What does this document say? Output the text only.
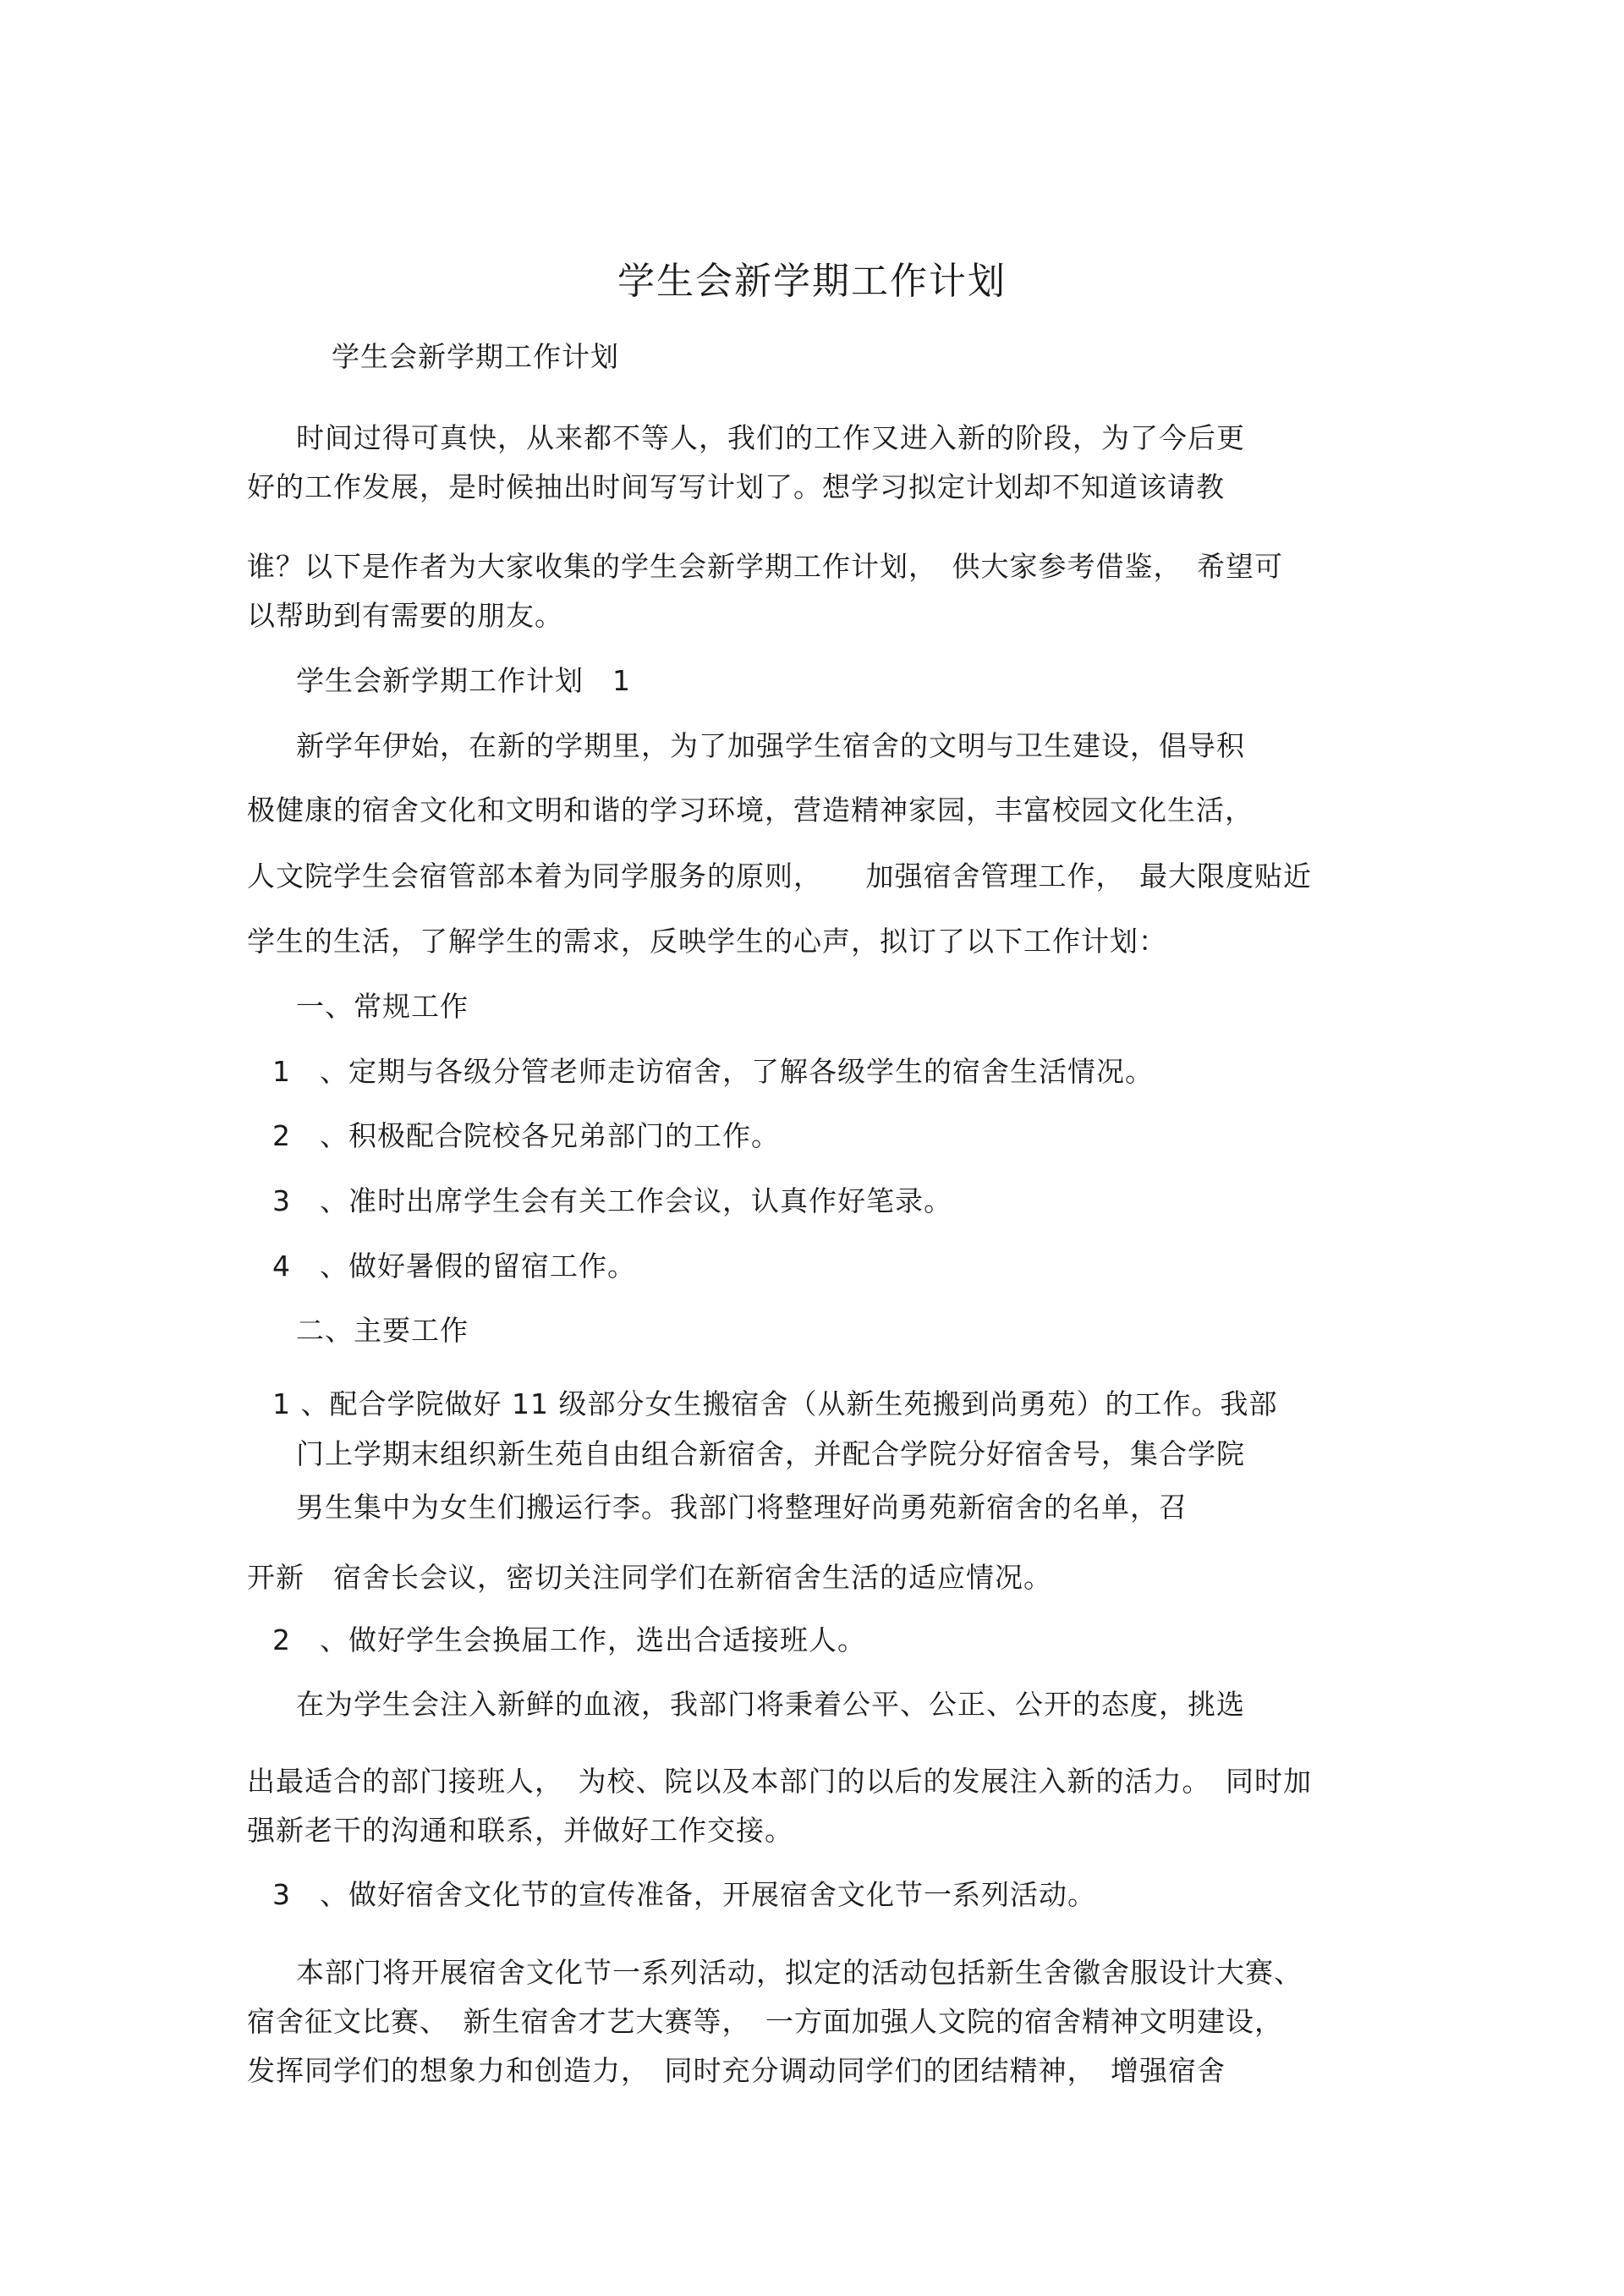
学生会新学期工作计划
学生会新学期工作计划
时间过得可真快，从来都不等人，我们的工作又进入新的阶段，为了今后更
好的工作发展，是时候抽出时间写写计划了。想学习拟定计划却不知道该请教
谁？以下是作者为大家收集的学生会新学期工作计划，　供大家参考借鉴，　希望可
以帮助到有需要的朋友。
学生会新学期工作计划　1
新学年伊始，在新的学期里，为了加强学生宿舍的文明与卫生建设，倡导积
极健康的宿舍文化和文明和谐的学习环境，营造精神家园，丰富校园文化生活，
人文院学生会宿管部本着为同学服务的原则，　　加强宿舍管理工作，　最大限度贴近
学生的生活，了解学生的需求，反映学生的心声，拟订了以下工作计划：
一、常规工作
1　、定期与各级分管老师走访宿舍，了解各级学生的宿舍生活情况。
2　、积极配合院校各兄弟部门的工作。
3　、准时出席学生会有关工作会议，认真作好笔录。
4　、做好暑假的留宿工作。
二、主要工作
1 、配合学院做好 11 级部分女生搬宿舍（从新生苑搬到尚勇苑）的工作。我部
门上学期末组织新生苑自由组合新宿舍，并配合学院分好宿舍号，集合学院
男生集中为女生们搬运行李。我部门将整理好尚勇苑新宿舍的名单，召
开新　宿舍长会议，密切关注同学们在新宿舍生活的适应情况。
2　、做好学生会换届工作，选出合适接班人。
在为学生会注入新鲜的血液，我部门将秉着公平、公正、公开的态度，挑选
出最适合的部门接班人，　为校、院以及本部门的以后的发展注入新的活力。　同时加
强新老干的沟通和联系，并做好工作交接。
3　、做好宿舍文化节的宣传准备，开展宿舍文化节一系列活动。
本部门将开展宿舍文化节一系列活动，拟定的活动包括新生舍徽舍服设计大赛、
宿舍征文比赛、　新生宿舍才艺大赛等，　一方面加强人文院的宿舍精神文明建设，
发挥同学们的想象力和创造力，　同时充分调动同学们的团结精神，　增强宿舍
